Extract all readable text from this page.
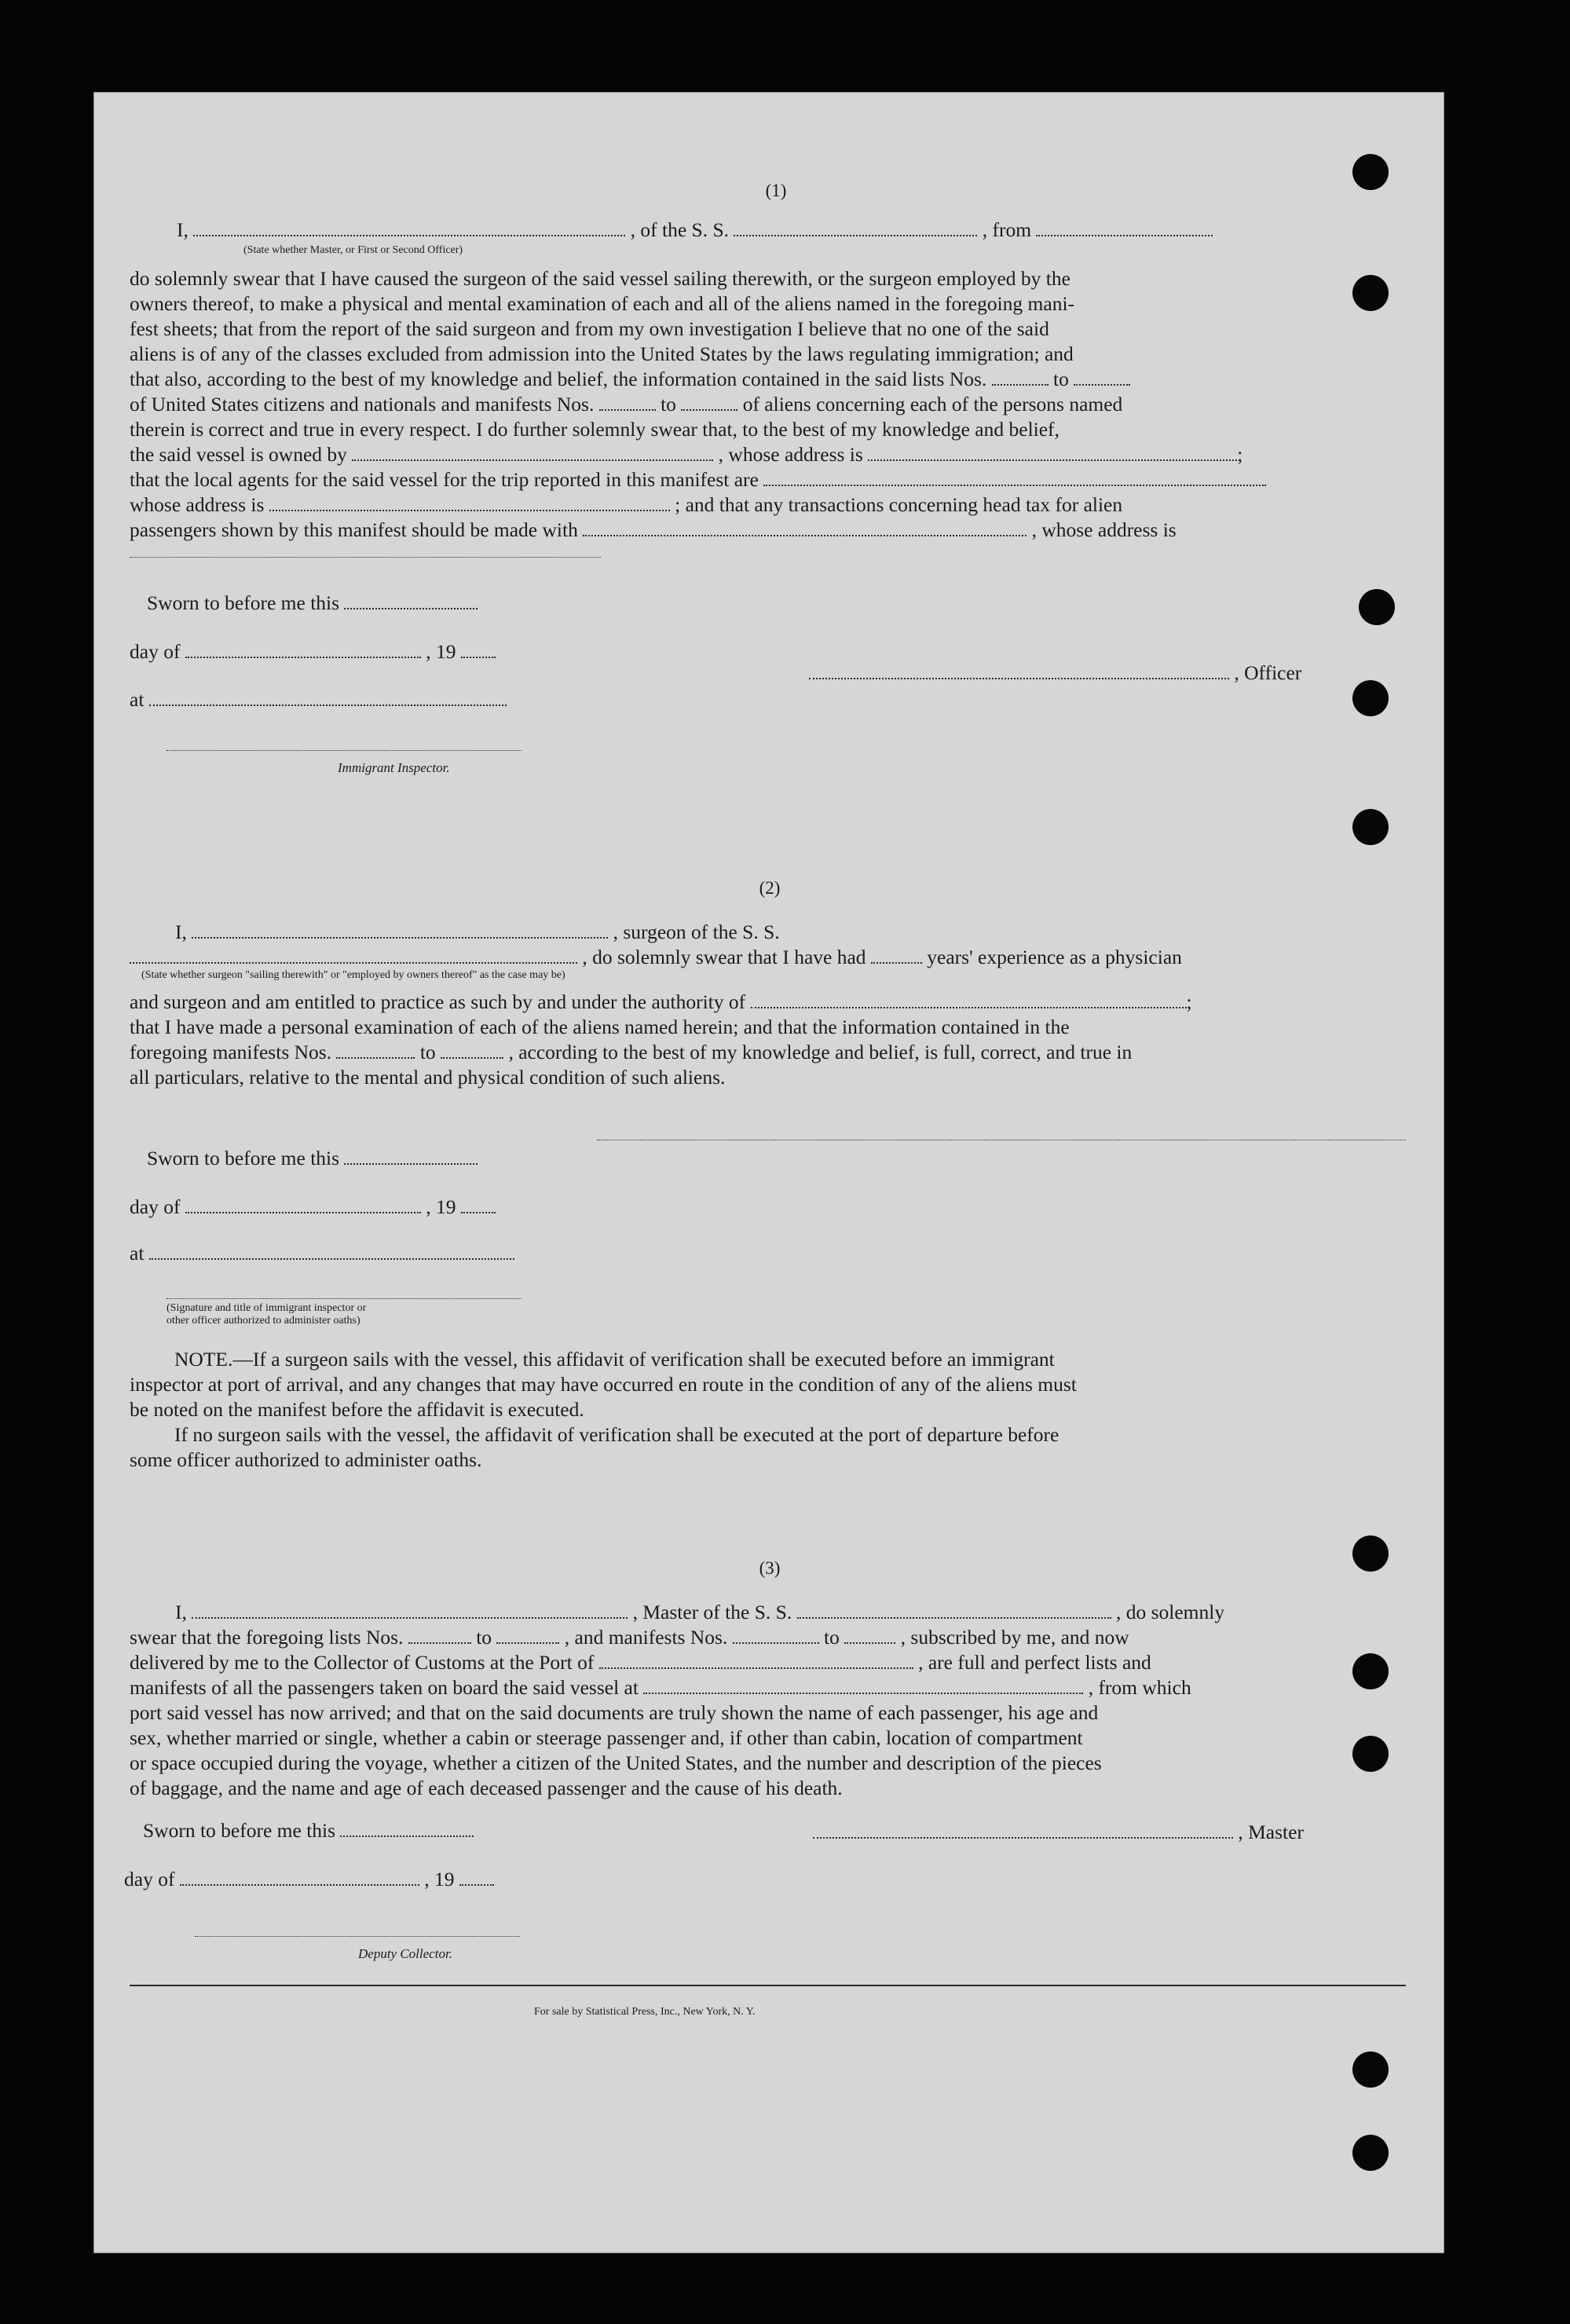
(1)
I,	, of the S. S.	, from
(State whether Master, or First or Second Officer)
do solemnly swear that I have caused the surgeon of the said vessel sailing therewith, or the surgeon employed by the
owners thereof, to make a physical and mental examination of each and all of the aliens named in the foregoing mani-
fest sheets; that from the report of the said surgeon and from my own investigation I believe that no one of the said
aliens is of any of the classes excluded from admission into the United States by the laws regulating immigration; and
that also, according to the best of my knowledge and belief, the information contained in the said lists Nos.	to
of United States citizens and nationals and manifests Nos.	to	of aliens concerning each of the persons named
therein is correct and true in every respect. I do further solemnly swear that, to the best of my knowledge and belief,
the said vessel is owned by	, whose address is	;
that the local agents for the said vessel for the trip reported in this manifest are
whose address is	; and that any transactions concerning head tax for alien
passengers shown by this manifest should be made with	, whose address is
Sworn to before me this
day of	, 19
at
Immigrant Inspector.
, Officer
(2)
I,	, surgeon of the S. S.
, do solemnly swear that I have had	years' experience as a physician
(State whether surgeon "sailing therewith" or "employed by owners thereof" as the case may be)
and surgeon and am entitled to practice as such by and under the authority of	;
that I have made a personal examination of each of the aliens named herein; and that the information contained in the
foregoing manifests Nos.	to	, according to the best of my knowledge and belief, is full, correct, and true in
all particulars, relative to the mental and physical condition of such aliens.
Sworn to before me this
day of	, 19
at
(Signature and title of immigrant inspector or
other officer authorized to administer oaths)
NOTE.—If a surgeon sails with the vessel, this affidavit of verification shall be executed before an immigrant
inspector at port of arrival, and any changes that may have occurred en route in the condition of any of the aliens must
be noted on the manifest before the affidavit is executed.
If no surgeon sails with the vessel, the affidavit of verification shall be executed at the port of departure before
some officer authorized to administer oaths.
(3)
I,	, Master of the S. S.	, do solemnly
swear that the foregoing lists Nos.	to	, and manifests Nos.	to	, subscribed by me, and now
delivered by me to the Collector of Customs at the Port of	, are full and perfect lists and
manifests of all the passengers taken on board the said vessel at	, from which
port said vessel has now arrived; and that on the said documents are truly shown the name of each passenger, his age and
sex, whether married or single, whether a cabin or steerage passenger and, if other than cabin, location of compartment
or space occupied during the voyage, whether a citizen of the United States, and the number and description of the pieces
of baggage, and the name and age of each deceased passenger and the cause of his death.
Sworn to before me this	, Master
day of	, 19
Deputy Collector.
For sale by Statistical Press, Inc., New York, N. Y.
